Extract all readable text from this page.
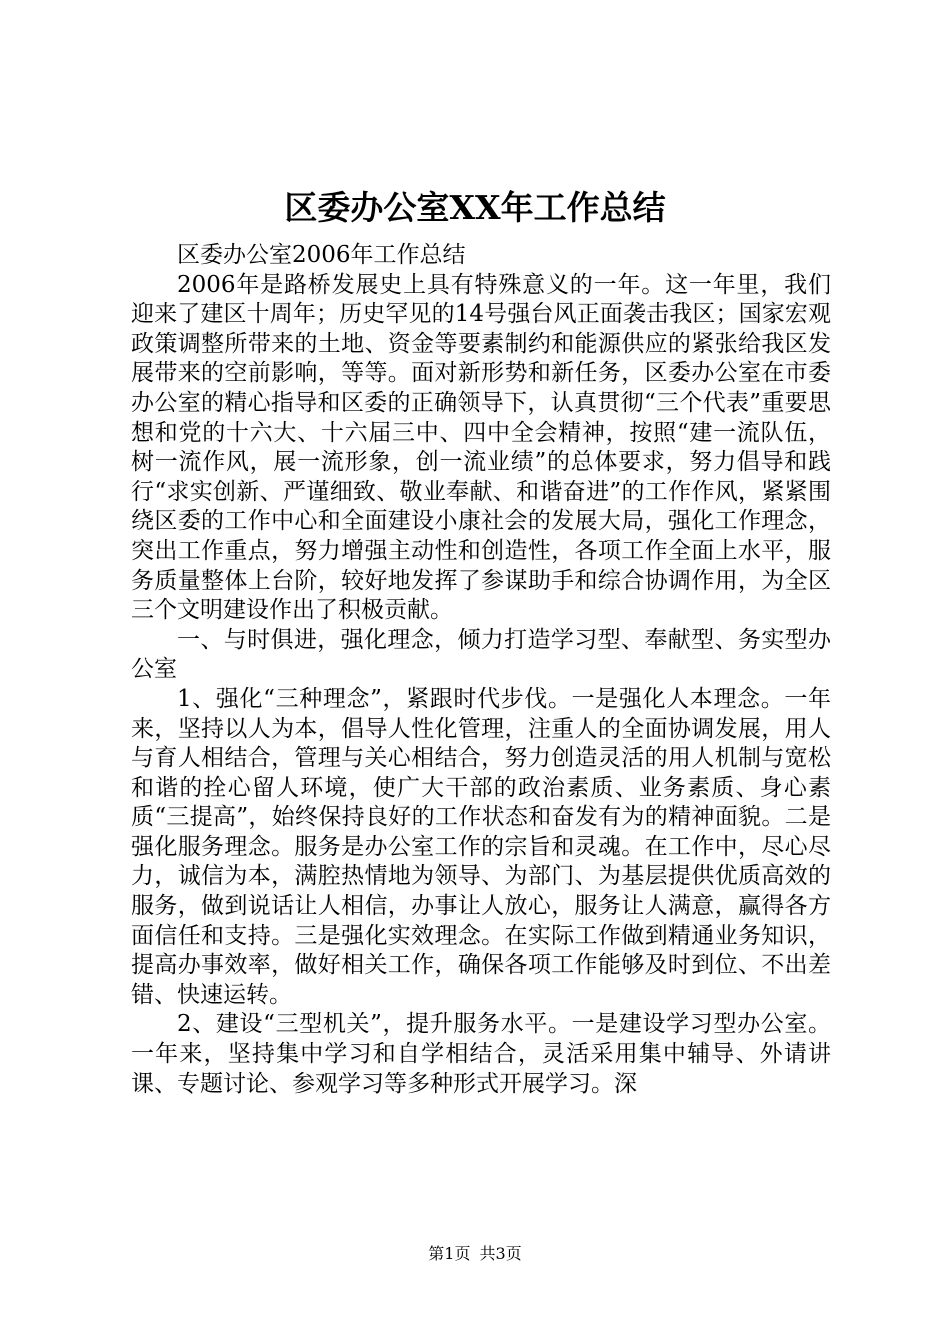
区委办公室XX年工作总结

区委办公室2006年工作总结

2006年是路桥发展史上具有特殊意义的一年。这一年里，我们迎来了建区十周年；历史罕见的14号强台风正面袭击我区；国家宏观政策调整所带来的土地、资金等要素制约和能源供应的紧张给我区发展带来的空前影响，等等。面对新形势和新任务，区委办公室在市委办公室的精心指导和区委的正确领导下，认真贯彻“三个代表”重要思想和党的十六大、十六届三中、四中全会精神，按照“建一流队伍，树一流作风，展一流形象，创一流业绩”的总体要求，努力倡导和践行“求实创新、严谨细致、敬业奉献、和谐奋进”的工作作风，紧紧围绕区委的工作中心和全面建设小康社会的发展大局，强化工作理念，突出工作重点，努力增强主动性和创造性，各项工作全面上水平，服务质量整体上台阶，较好地发挥了参谋助手和综合协调作用，为全区三个文明建设作出了积极贡献。

一、与时俱进，强化理念，倾力打造学习型、奉献型、务实型办公室

1、强化“三种理念”，紧跟时代步伐。一是强化人本理念。一年来，坚持以人为本，倡导人性化管理，注重人的全面协调发展，用人与育人相结合，管理与关心相结合，努力创造灵活的用人机制与宽松和谐的拴心留人环境，使广大干部的政治素质、业务素质、身心素质“三提高”，始终保持良好的工作状态和奋发有为的精神面貌。二是强化服务理念。服务是办公室工作的宗旨和灵魂。在工作中，尽心尽力，诚信为本，满腔热情地为领导、为部门、为基层提供优质高效的服务，做到说话让人相信，办事让人放心，服务让人满意，赢得各方面信任和支持。三是强化实效理念。在实际工作做到精通业务知识，提高办事效率，做好相关工作，确保各项工作能够及时到位、不出差错、快速运转。

2、建设“三型机关”，提升服务水平。一是建设学习型办公室。一年来，坚持集中学习和自学相结合，灵活采用集中辅导、外请讲课、专题讨论、参观学习等多种形式开展学习。深

第1页 共3页
